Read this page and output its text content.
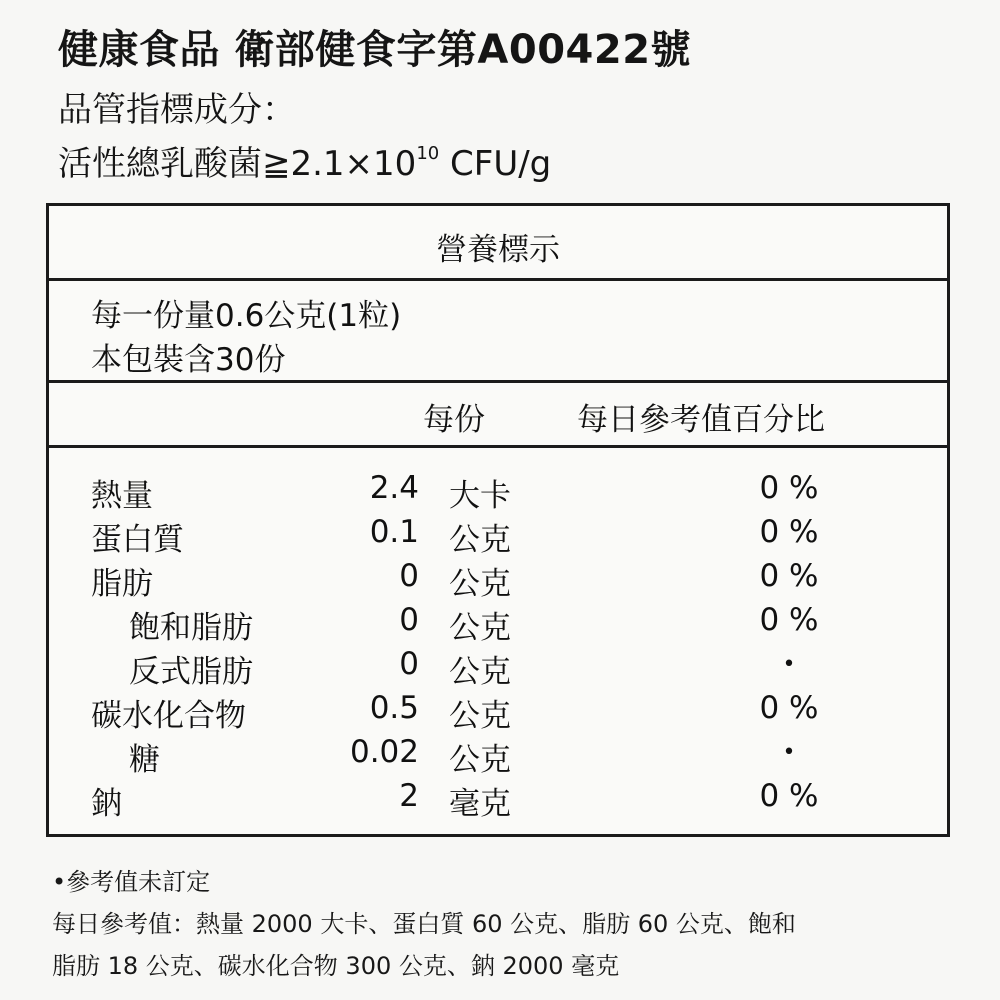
健康食品 衛部健食字第A00422號
品管指標成分：
活性總乳酸菌$≧2.1\times 10^{10}$ CFU/g
營養標示
每一份量0.6公克(1粒)
本包裝含30份
每份	每日參考值百分比
熱量	2.4 大卡	0 %
蛋白質	0.1 公克	0 %
脂肪	0 公克	0 %
飽和脂肪	0 公克	0 %
反式脂肪	0 公克	•
碳水化合物	0.5 公克	0 %
糖	0.02 公克	•
鈉	2 毫克	0 %
•參考值未訂定
每日參考值：熱量 2000 大卡、蛋白質 60 公克、脂肪 60 公克、飽和
脂肪 18 公克、碳水化合物 300 公克、鈉 2000 毫克
